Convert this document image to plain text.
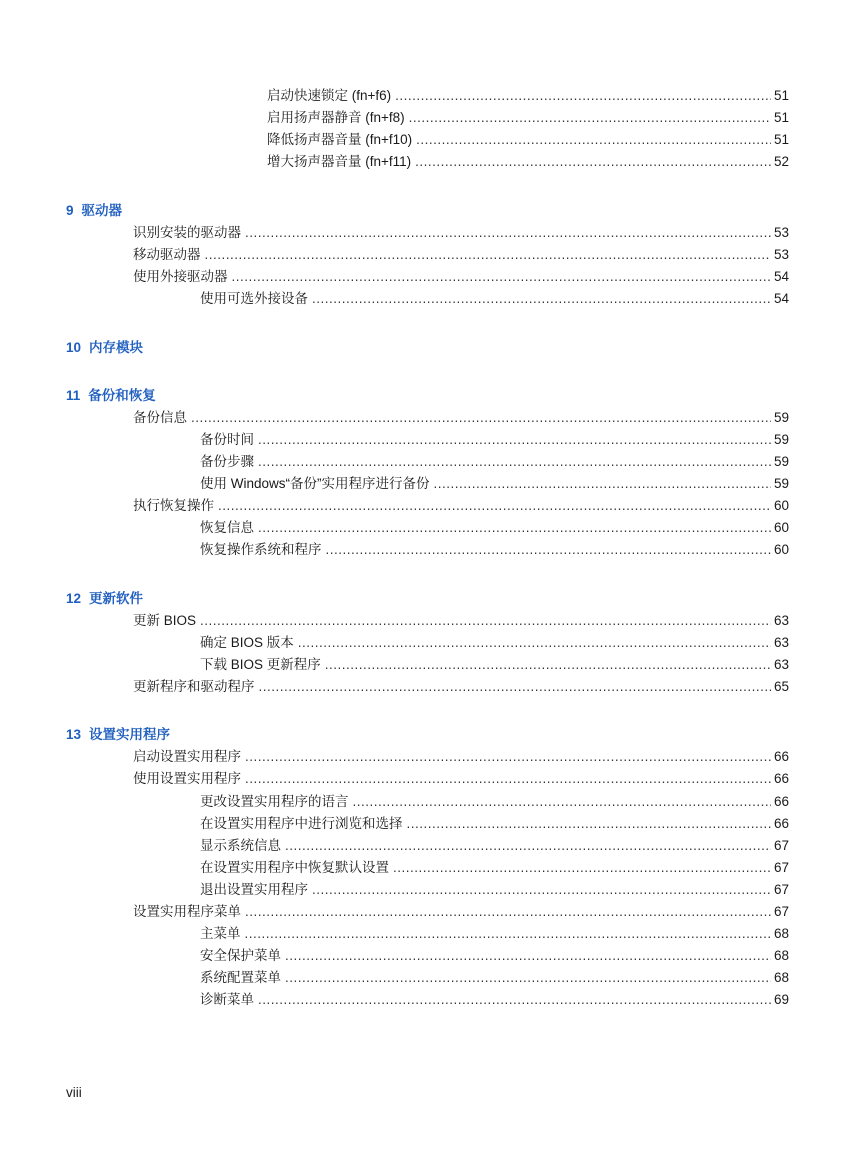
启动快速锁定 (fn+f6) .....	51
启用扬声器静音 (fn+f8) .....	51
降低扬声器音量 (fn+f10) .....	51
增大扬声器音量 (fn+f11) .....	52
9 驱动器
识别安装的驱动器 .....	53
移动驱动器 .....	53
使用外接驱动器 .....	54
使用可选外接设备 .....	54
10 内存模块
11 备份和恢复
备份信息 .....	59
备份时间 .....	59
备份步骤 .....	59
使用 Windows“备份”实用程序进行备份 .....	59
执行恢复操作 .....	60
恢复信息 .....	60
恢复操作系统和程序 .....	60
12 更新软件
更新 BIOS .....	63
确定 BIOS 版本 .....	63
下载 BIOS 更新程序 .....	63
更新程序和驱动程序 .....	65
13 设置实用程序
启动设置实用程序 .....	66
使用设置实用程序 .....	66
更改设置实用程序的语言 .....	66
在设置实用程序中进行浏览和选择 .....	66
显示系统信息 .....	67
在设置实用程序中恢复默认设置 .....	67
退出设置实用程序 .....	67
设置实用程序菜单 .....	67
主菜单 .....	68
安全保护菜单 .....	68
系统配置菜单 .....	68
诊断菜单 .....	69
viii
